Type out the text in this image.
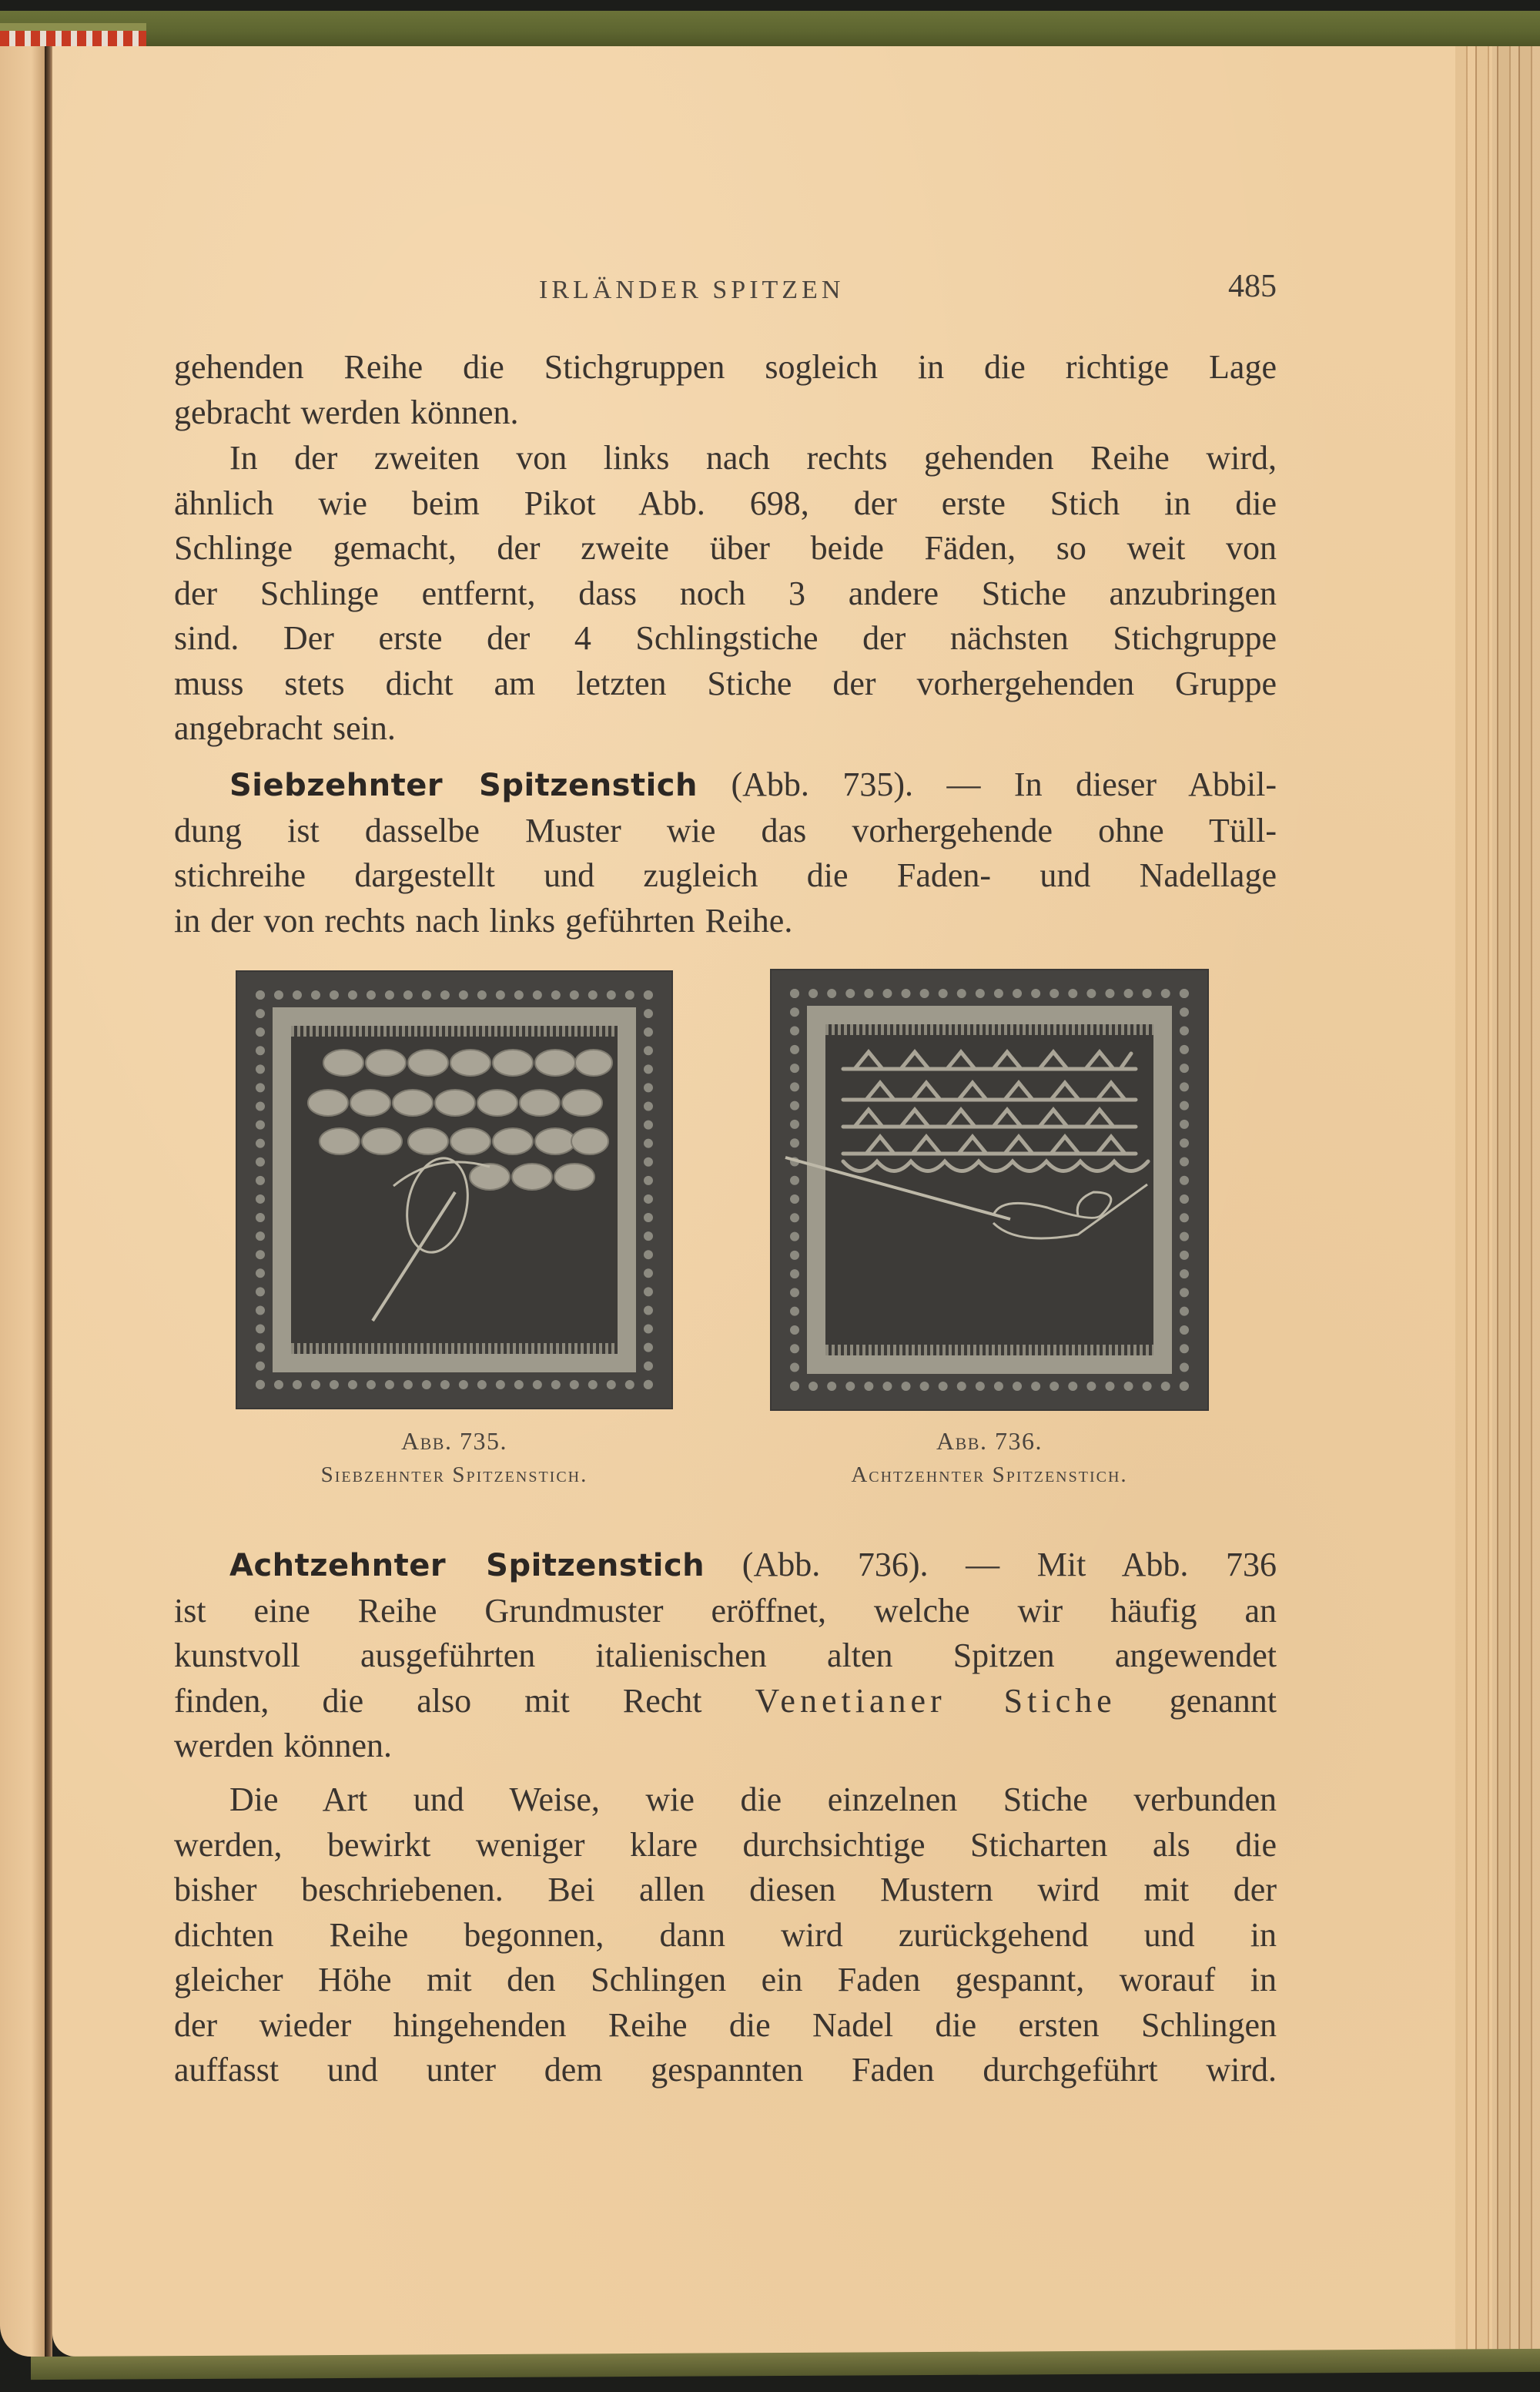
IRLÄNDER SPITZEN	485
gehenden Reihe die Stichgruppen sogleich in die richtige Lage
gebracht werden können.
In der zweiten von links nach rechts gehenden Reihe wird,
ähnlich wie beim Pikot Abb. 698, der erste Stich in die
Schlinge gemacht, der zweite über beide Fäden, so weit von
der Schlinge entfernt, dass noch 3 andere Stiche anzubringen
sind. Der erste der 4 Schlingstiche der nächsten Stichgruppe
muss stets dicht am letzten Stiche der vorhergehenden Gruppe
angebracht sein.
Siebzehnter Spitzenstich (Abb. 735). — In dieser Abbil-
dung ist dasselbe Muster wie das vorhergehende ohne Tüll-
stichreihe dargestellt und zugleich die Faden- und Nadellage
in der von rechts nach links geführten Reihe.
Abb. 735.
Siebzehnter Spitzenstich.
Abb. 736.
Achtzehnter Spitzenstich.
Achtzehnter Spitzenstich (Abb. 736). — Mit Abb. 736
ist eine Reihe Grundmuster eröffnet, welche wir häufig an
kunstvoll ausgeführten italienischen alten Spitzen angewendet
finden, die also mit Recht Venetianer Stiche genannt
werden können.
Die Art und Weise, wie die einzelnen Stiche verbunden
werden, bewirkt weniger klare durchsichtige Sticharten als die
bisher beschriebenen. Bei allen diesen Mustern wird mit der
dichten Reihe begonnen, dann wird zurückgehend und in
gleicher Höhe mit den Schlingen ein Faden gespannt, worauf in
der wieder hingehenden Reihe die Nadel die ersten Schlingen
auffasst und unter dem gespannten Faden durchgeführt wird.
